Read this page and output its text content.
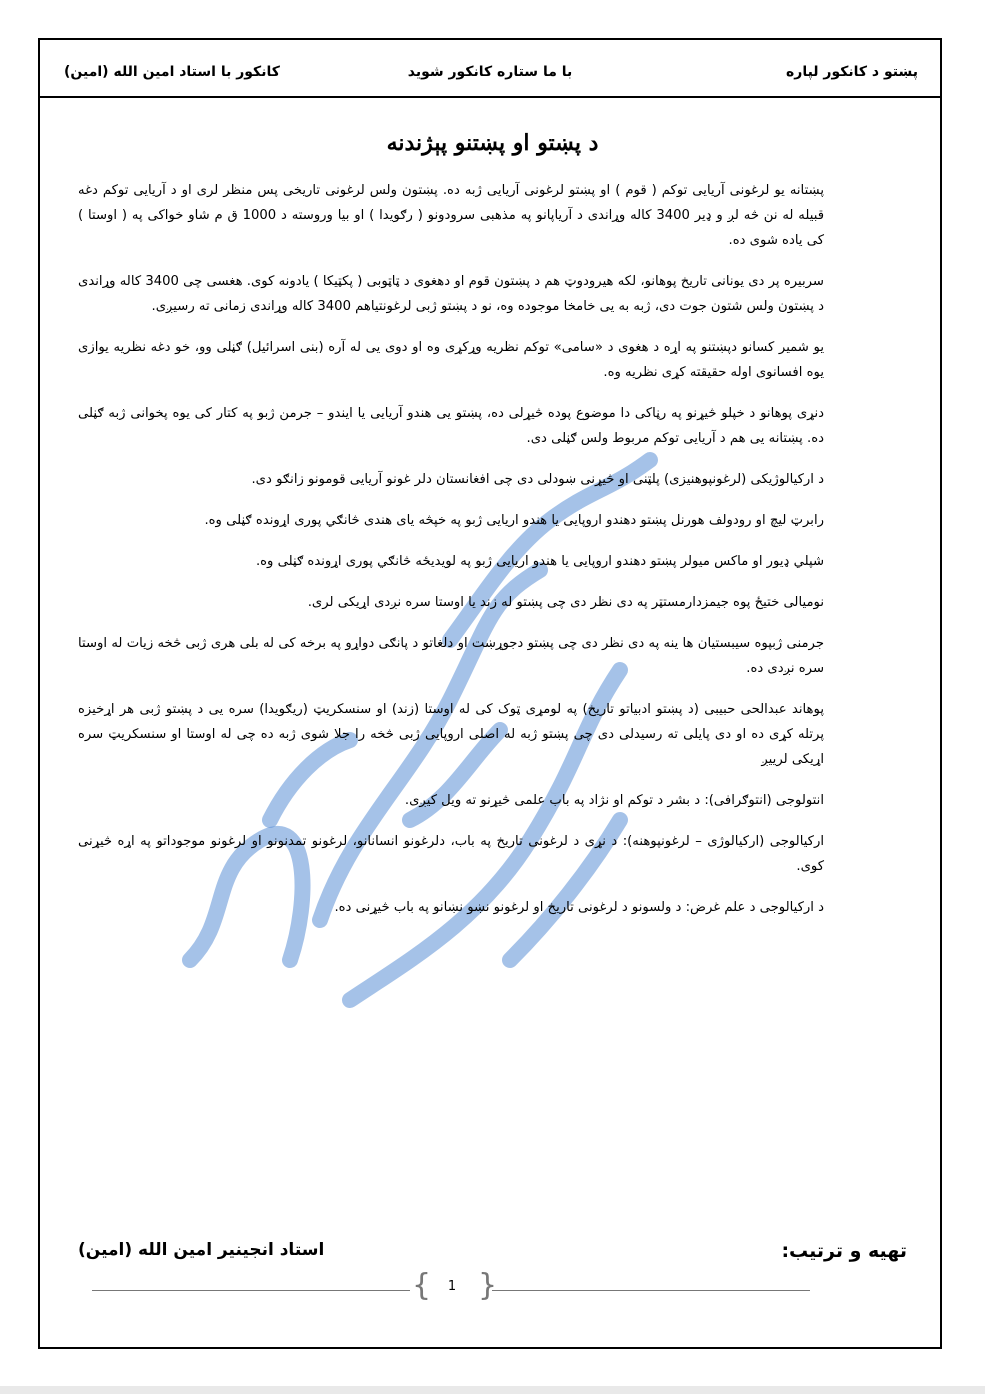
پښتو د کانکور لپاره
با ما ستاره کانکور شوید
کانکور با استاد امین الله (امین)
د پښتو او پښتنو پېژندنه

پښتانه یو لرغونی آریایی توکم ( قوم ) او پښتو لرغونی آریایی ژبه ده. پښتون ولس لرغونی تاریخی پس منظر لری او د آریایی توکم دغه قبیله له نن څه لږ و ډیر 3400 کاله وړاندی د آریاپانو په مذهبی سرودونو ( رګویدا ) او بیا وروسته د 1000 ق م شاو خواکی په ( اوستا ) کی یاده شوی ده.

سربیره پر دی یونانی تاریخ پوهانو، لکه هیرودوټ هم د پښتون قوم او دهغوی د ټاټوبی ( پکټیکا ) یادونه کوی. هغسی چی 3400 کاله وړاندی د پښتون ولس شتون جوت دی، ژبه به یی خامخا موجوده وه، نو د پښتو ژبی لرغونتیاهم 3400 کاله وړاندی زمانی ته رسیږی.

یو شمیر کسانو دپښتنو په اړه د هغوی د «سامی» توکم نظریه وړکړی وه او دوی یی له آره (بنی اسرائیل) ګڼلی وو، خو دغه نظریه یوازی یوه افسانوی اوله حقیقته کړی نظریه وه.

دنړی پوهانو د خپلو څیړنو په رڼاکی دا موضوع پوده څیړلی ده، پښتو یی هندو آریایی یا ایندو – جرمن ژبو په کتار کی یوه پخوانی ژبه ګڼلی ده. پښتانه یی هم د آریایی توکم مربوط ولس ګڼلی دی.

د ارکیالوژیکی (لرغونپوهنیزی) پلټنی او څیړنی ښودلی دی چی افغانستان دلر غونو آریایی قومونو زانګو دی.

رابرټ لیچ او رودولف هورنل پښتو دهندو اروپایی یا هندو اریایی ژبو په خپڅه یای هندی څانګي پوری اړونده ګڼلی وه.

شپلي ډیور او ماکس میولر پښتو دهندو اروپایی یا هندو اریایی ژبو په لویدیځه څانګي پوری اړونده ګڼلی وه.

نومیالی ختیځ پوه جیمزدارمستټر په دی نظر دی چی پښتو له زند یا اوستا سره نږدی اړیکی لری.

جرمنی ژبپوه سیبستیان ها ینه په دی نظر دی چی پښتو دجوړښت او دلغاتو د پانګی دواړو په برخه کی له بلی هری ژبی څخه زیات له اوستا سره نږدی ده.

پوهاند عبدالحی حبیبی (د پښتو ادبیاتو تاریخ) په لومړی ټوک کی له اوستا (زند) او سنسکریټ (ریګویدا) سره یی د پښتو ژبی هر اړخیزه پرتله کړی ده او دی پایلی ته رسیدلی دی چی پښتو ژبه له اصلی اروپایی ژبی څخه را جلا شوی ژبه ده چی له اوستا او سنسکریټ سره اړیکی لرییږ

انتولوجی (انتوګرافی): د بشر د توکم او نژاد په باب علمی څیړنو ته ویل کیږی.

ارکیالوجی (ارکیالوژی – لرغونپوهنه): د نړی د لرغونی تاریخ په باب، دلرغونو انسانانو، لرغونو تمدنونو او لرغونو موجوداتو په اړه څیړنی کوی.

د ارکیالوجی د علم غرض: د ولسونو د لرغونی تاریخ او لرغونو نښو نښانو په باب څیړنی ده.

تهیه و ترتیب:
استاد انجینیر امین الله (امین)
{ }
1
